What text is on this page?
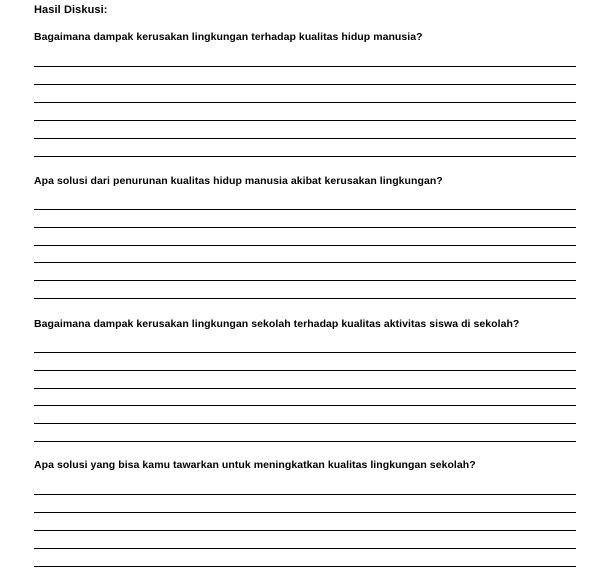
Hasil Diskusi:
Bagaimana dampak kerusakan lingkungan terhadap kualitas hidup manusia?
Apa solusi dari penurunan kualitas hidup manusia akibat kerusakan lingkungan?
Bagaimana dampak kerusakan lingkungan sekolah terhadap kualitas aktivitas siswa di sekolah?
Apa solusi yang bisa kamu tawarkan untuk meningkatkan kualitas lingkungan sekolah?
